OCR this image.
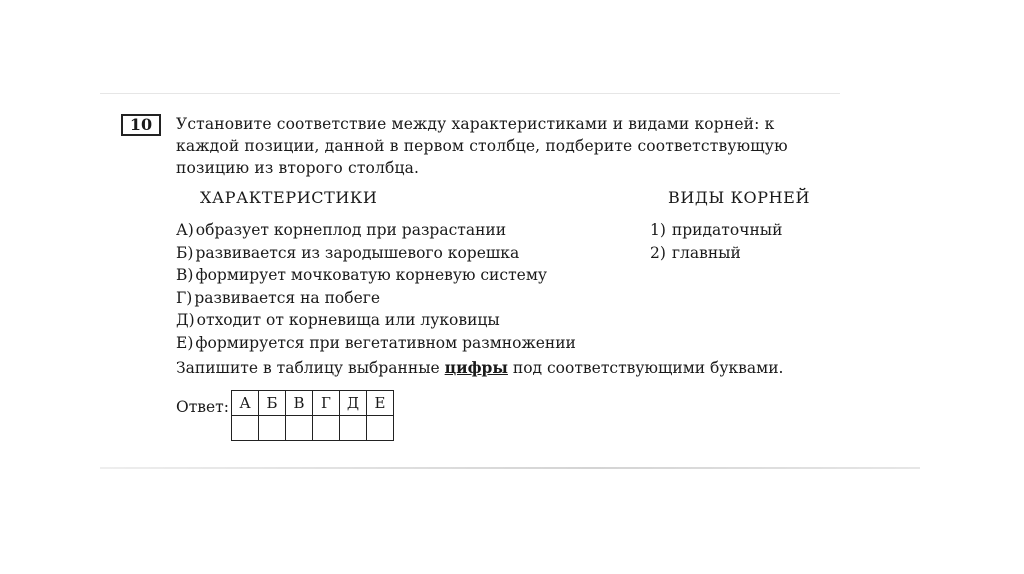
10	Установите соответствие между характеристиками и видами корней: к каждой позиции, данной в первом столбце, подберите соответствующую позицию из второго столбца.
ХАРАКТЕРИСТИКИ	ВИДЫ КОРНЕЙ
А) образует корнеплод при разрастании
Б) развивается из зародышевого корешка
В) формирует мочковатую корневую систему
Г) развивается на побеге
Д) отходит от корневища или луковицы
Е) формируется при вегетативном размножении
1) придаточный
2) главный
Запишите в таблицу выбранные цифры под соответствующими буквами.
Ответ: А	Б	В	Г	Д	Е
